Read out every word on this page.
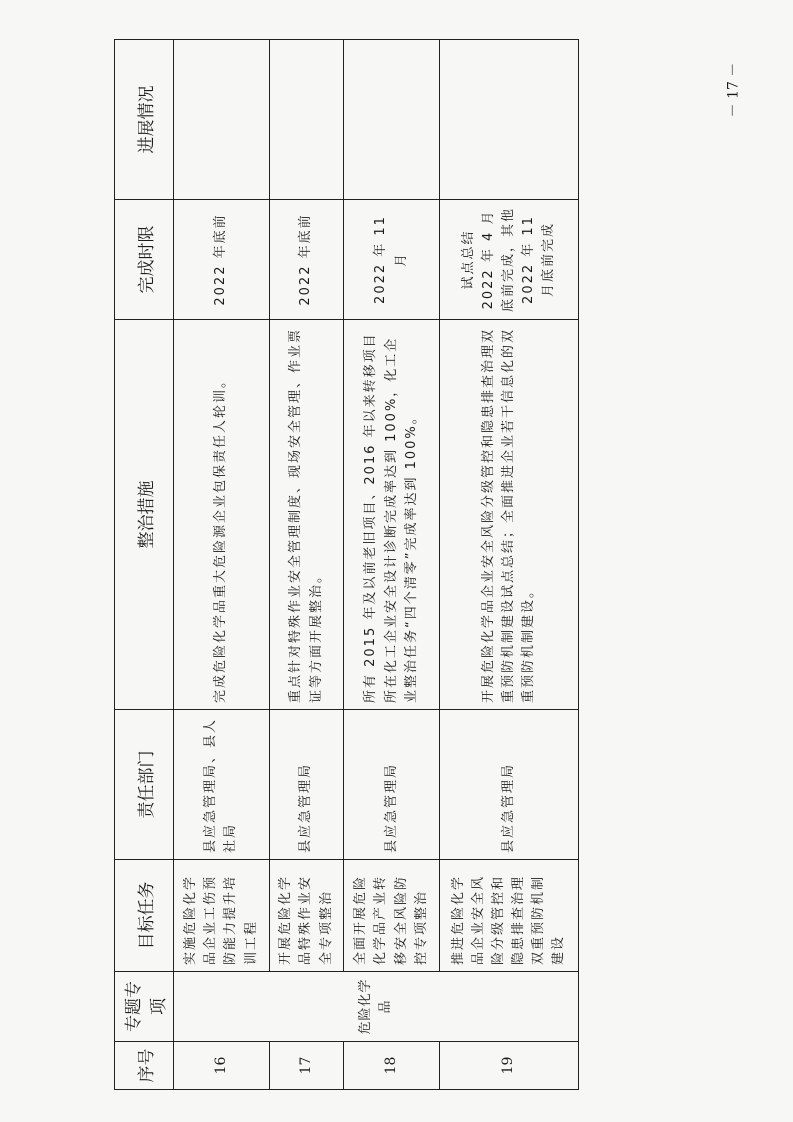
序号	专题专项	目标任务	责任部门	整治措施	完成时限	进展情况
16	危险化学品	实施危险化学品企业工伤预防能力提升培训工程	县应急管理局、县人社局	完成危险化学品重大危险源企业包保责任人轮训。	2022 年底前	
17		开展危险化学品特殊作业安全专项整治	县应急管理局	重点针对特殊作业安全管理制度、现场安全管理、作业票证等方面开展整治。	2022 年底前	
18		全面开展危险化学品产业转移安全风险防控专项整治	县应急管理局	所有 2015 年及以前老旧项目、2016 年以来转移项目所在化工企业安全设计诊断完成率达到 100%，化工企业整治任务“四个清零”完成率达到 100%。	2022 年 11 月	
19		推进危险化学品企业安全风险分级管控和隐患排查治理双重预防机制建设	县应急管理局	开展危险化学品企业安全风险分级管控和隐患排查治理双重预防机制建设试点总结；全面推进企业若干信息化的双重预防机制建设。	试点总结 2022 年 4 月底前完成，其他 2022 年 11 月底前完成	
－ 17 －
